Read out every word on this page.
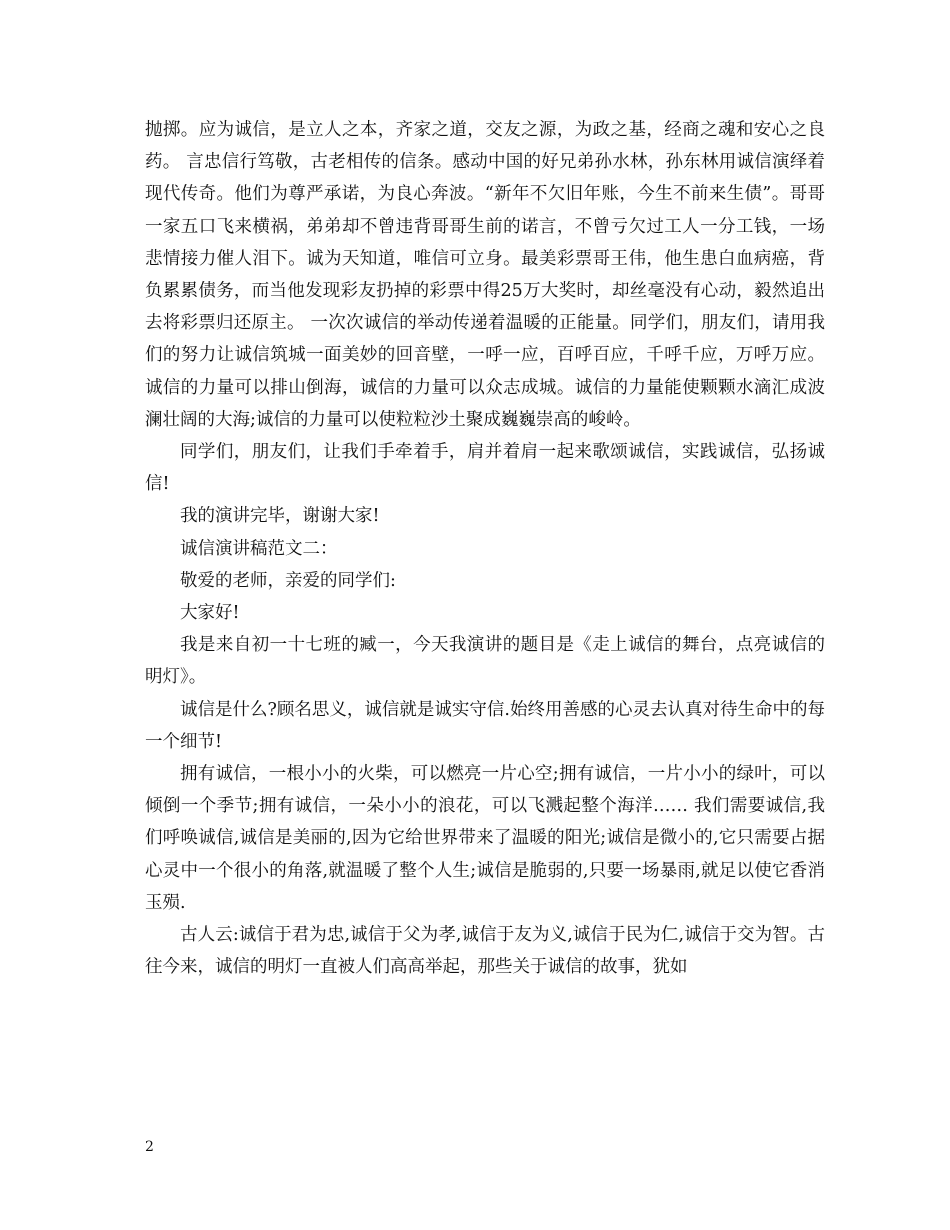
抛掷。应为诚信，是立人之本，齐家之道，交友之源，为政之基，经商之魂和安心之良药。 言忠信行笃敬，古老相传的信条。感动中国的好兄弟孙水林，孙东林用诚信演绎着现代传奇。他们为尊严承诺，为良心奔波。“新年不欠旧年账，今生不前来生债”。哥哥一家五口飞来横祸，弟弟却不曾违背哥哥生前的诺言，不曾亏欠过工人一分工钱，一场悲情接力催人泪下。诚为天知道，唯信可立身。最美彩票哥王伟，他生患白血病癌，背负累累债务，而当他发现彩友扔掉的彩票中得25万大奖时，却丝毫没有心动，毅然追出去将彩票归还原主。 一次次诚信的举动传递着温暖的正能量。同学们，朋友们，请用我们的努力让诚信筑城一面美妙的回音壁，一呼一应，百呼百应，千呼千应，万呼万应。诚信的力量可以排山倒海，诚信的力量可以众志成城。诚信的力量能使颗颗水滴汇成波澜壮阔的大海;诚信的力量可以使粒粒沙土聚成巍巍崇高的峻岭。

同学们，朋友们，让我们手牵着手，肩并着肩一起来歌颂诚信，实践诚信，弘扬诚信!

我的演讲完毕，谢谢大家!

诚信演讲稿范文二：

敬爱的老师，亲爱的同学们:

大家好!

我是来自初一十七班的臧一，今天我演讲的题目是《走上诚信的舞台，点亮诚信的明灯》。

诚信是什么?顾名思义，诚信就是诚实守信.始终用善感的心灵去认真对待生命中的每一个细节!

拥有诚信，一根小小的火柴，可以燃亮一片心空;拥有诚信，一片小小的绿叶，可以倾倒一个季节;拥有诚信，一朵小小的浪花，可以飞溅起整个海洋…… 我们需要诚信,我们呼唤诚信,诚信是美丽的,因为它给世界带来了温暖的阳光;诚信是微小的,它只需要占据心灵中一个很小的角落,就温暖了整个人生;诚信是脆弱的,只要一场暴雨,就足以使它香消玉殒.

古人云:诚信于君为忠,诚信于父为孝,诚信于友为义,诚信于民为仁,诚信于交为智。古往今来，诚信的明灯一直被人们高高举起，那些关于诚信的故事，犹如

2
